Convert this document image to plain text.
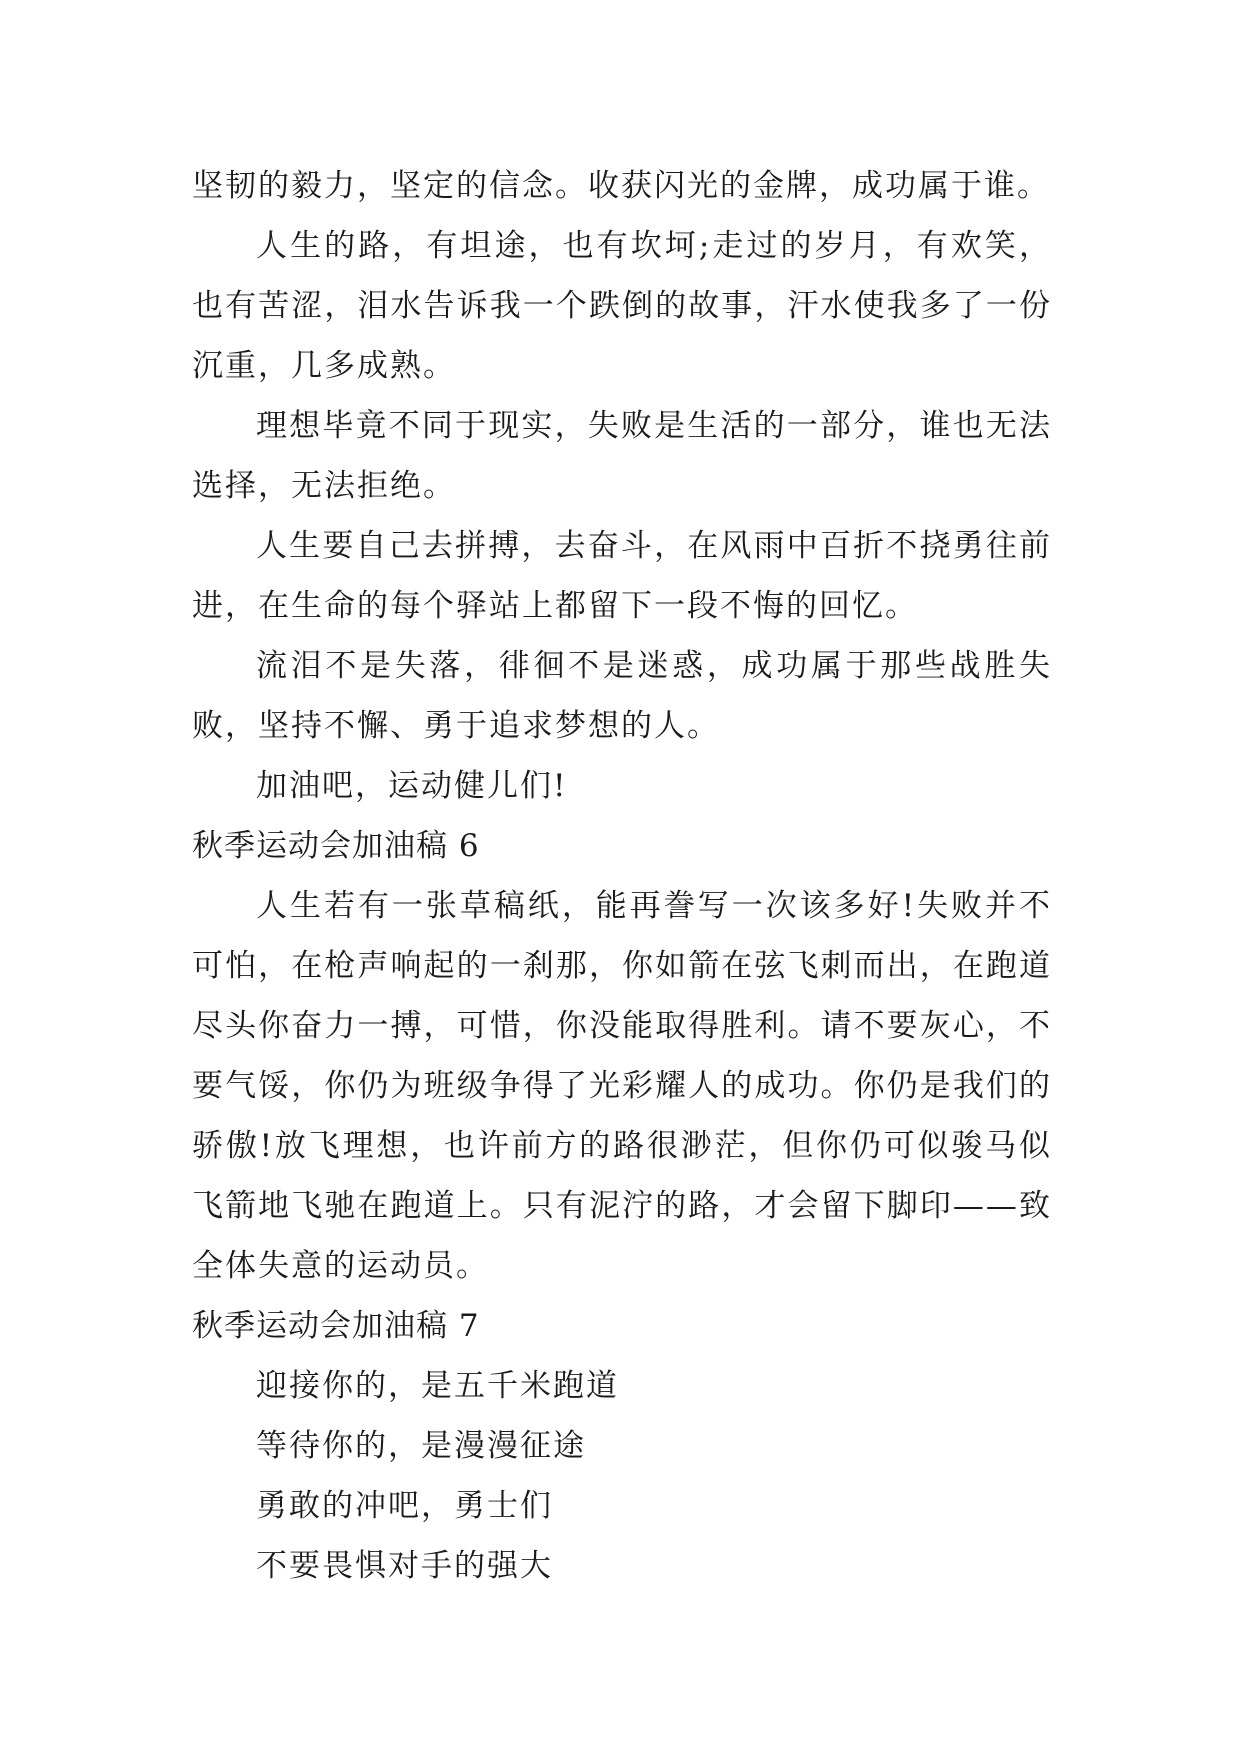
坚韧的毅力，坚定的信念。收获闪光的金牌，成功属于谁。

人生的路，有坦途，也有坎坷;走过的岁月，有欢笑，也有苦涩，泪水告诉我一个跌倒的故事，汗水使我多了一份沉重，几多成熟。

理想毕竟不同于现实，失败是生活的一部分，谁也无法选择，无法拒绝。

人生要自己去拼搏，去奋斗，在风雨中百折不挠勇往前进，在生命的每个驿站上都留下一段不悔的回忆。

流泪不是失落，徘徊不是迷惑，成功属于那些战胜失败，坚持不懈、勇于追求梦想的人。

加油吧，运动健儿们!

秋季运动会加油稿 6

人生若有一张草稿纸，能再誊写一次该多好!失败并不可怕，在枪声响起的一刹那，你如箭在弦飞刺而出，在跑道尽头你奋力一搏，可惜，你没能取得胜利。请不要灰心，不要气馁，你仍为班级争得了光彩耀人的成功。你仍是我们的骄傲!放飞理想，也许前方的路很渺茫，但你仍可似骏马似飞箭地飞驰在跑道上。只有泥泞的路，才会留下脚印——致全体失意的运动员。

秋季运动会加油稿 7

迎接你的，是五千米跑道

等待你的，是漫漫征途

勇敢的冲吧，勇士们

不要畏惧对手的强大
